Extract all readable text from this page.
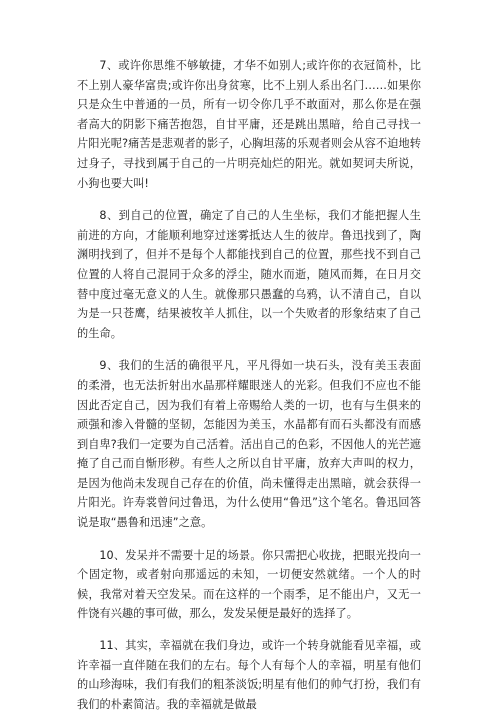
7、或许你思维不够敏捷，才华不如别人;或许你的衣冠简朴，比不上别人豪华富贵;或许你出身贫寒，比不上别人系出名门……如果你只是众生中普通的一员，所有一切令你几乎不敢面对，那么你是在强者高大的阴影下痛苦抱怨，自甘平庸，还是跳出黑暗，给自己寻找一片阳光呢?痛苦是悲观者的影子，心胸坦荡的乐观者则会从容不迫地转过身子，寻找到属于自己的一片明亮灿烂的阳光。就如契诃夫所说，小狗也要大叫!

8、到自己的位置，确定了自己的人生坐标，我们才能把握人生前进的方向，才能顺利地穿过迷雾抵达人生的彼岸。鲁迅找到了，陶渊明找到了，但并不是每个人都能找到自己的位置，那些找不到自己位置的人将自己混同于众多的浮尘，随水而逝，随风而舞，在日月交替中度过毫无意义的人生。就像那只愚蠢的乌鸦，认不清自己，自以为是一只苍鹰，结果被牧羊人抓住，以一个失败者的形象结束了自己的生命。

9、我们的生活的确很平凡，平凡得如一块石头，没有美玉表面的柔滑，也无法折射出水晶那样耀眼迷人的光彩。但我们不应也不能因此否定自己，因为我们有着上帝赐给人类的一切，也有与生俱来的顽强和渗入骨髓的坚韧，怎能因为美玉，水晶都有而石头都没有而感到自卑?我们一定要为自己活着。活出自己的色彩，不因他人的光芒遮掩了自己而自惭形秽。有些人之所以自甘平庸，放弃大声叫的权力，是因为他尚未发现自己存在的价值，尚未懂得走出黑暗，就会获得一片阳光。许寿裳曾问过鲁迅，为什么使用“鲁迅”这个笔名。鲁迅回答说是取“愚鲁和迅速”之意。

10、发呆并不需要十足的场景。你只需把心收拢，把眼光投向一个固定物，或者射向那遥远的未知，一切便安然就绪。一个人的时候，我常对着天空发呆。而在这样的一个雨季，足不能出户，又无一件饶有兴趣的事可做，那么，发发呆便是最好的选择了。

11、其实，幸福就在我们身边，或许一个转身就能看见幸福，或许幸福一直伴随在我们的左右。每个人有每个人的幸福，明星有他们的山珍海味，我们有我们的粗茶淡饭;明星有他们的帅气打扮，我们有我们的朴素简洁。我的幸福就是做最
